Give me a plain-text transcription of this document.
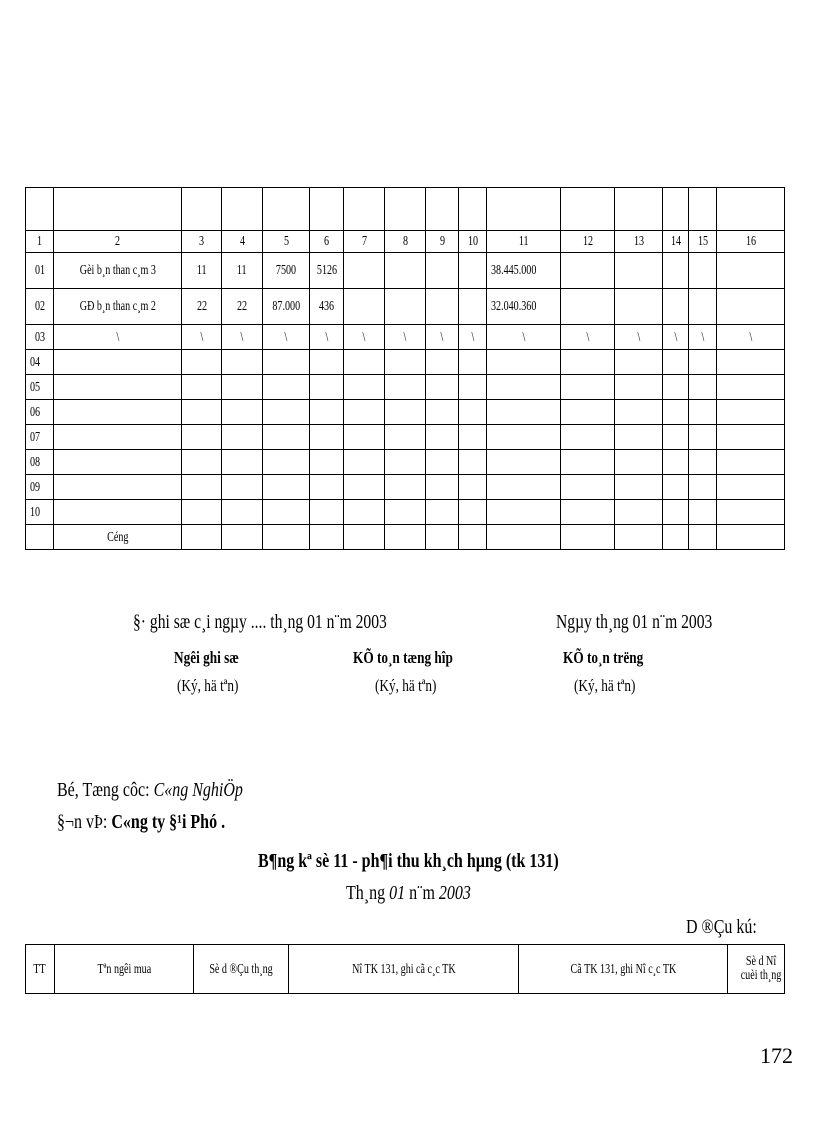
1	2	3	4	5	6	7	8	9	10	11	12	13	14	15	16
01	Gèi b¸n than c¸m 3	11	11	7500	5126					38.445.000					
02	GÐ b¸n than c¸m 2	22	22	87.000	436					32.040.360					
03	\	\	\	\	\	\	\	\	\	\	\	\	\	\	\
04															
05															
06															
07															
08															
09															
10															
	Céng														
§· ghi sæ c¸i ngµy .... th¸ng 01 n¨m 2003	Ngµy th¸ng 01 n¨m 2003
Ngêi ghi sæ	KÕ to¸n tæng hîp	KÕ to¸n trëng
(Ký, hä tªn)	(Ký, hä tªn)	(Ký, hä tªn)
Bé, Tæng côc: C«ng NghiÖp
§¬n vÞ: C«ng ty §¹i Phó .
B¶ng kª sè 11 - ph¶i thu kh¸ch hµng (tk 131)
Th¸ng 01 n¨m 2003
D ®Çu kú:
TT	Tªn ngêi mua	Sè d ®Çu th¸ng	Nî TK 131, ghi cã c¸c TK	Cã TK 131, ghi Nî c¸c TK	Sè d Nî cuèi th¸ng
172
